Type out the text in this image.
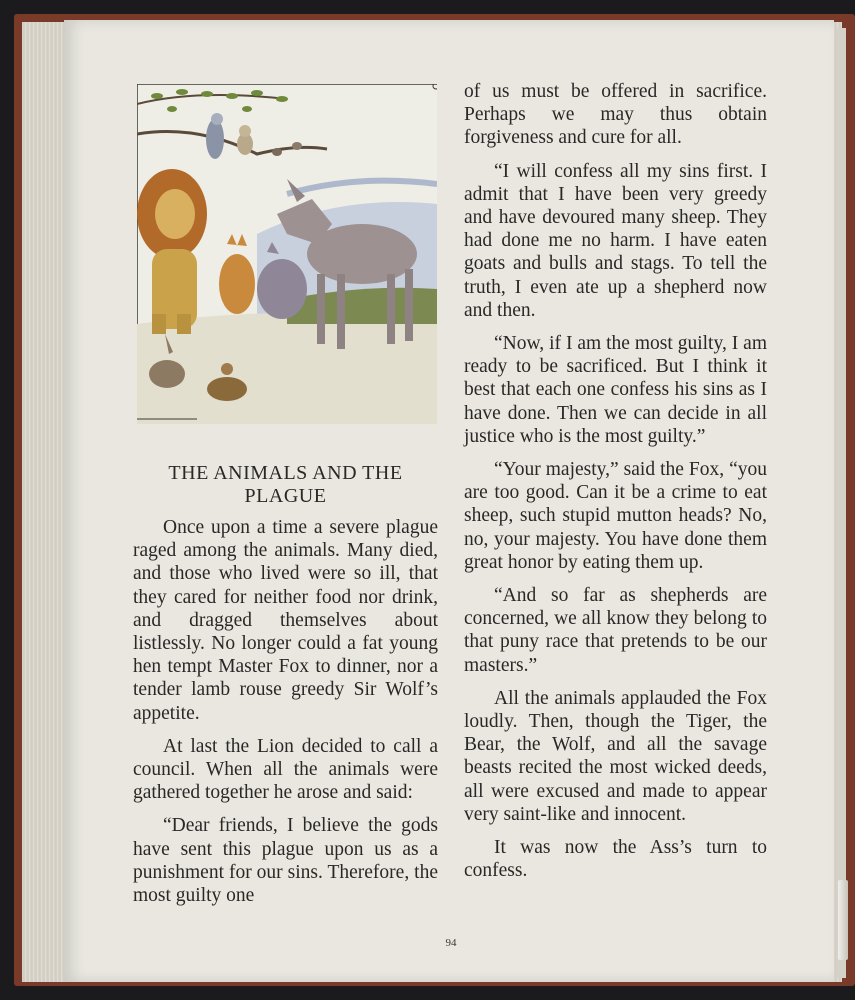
THE ANIMALS AND THE PLAGUE

Once upon a time a severe plague raged among the animals. Many died, and those who lived were so ill, that they cared for neither food nor drink, and dragged themselves about listlessly. No longer could a fat young hen tempt Master Fox to dinner, nor a tender lamb rouse greedy Sir Wolf’s appetite.

At last the Lion decided to call a council. When all the animals were gathered together he arose and said:

“Dear friends, I believe the gods have sent this plague upon us as a punishment for our sins. Therefore, the most guilty one

of us must be offered in sacrifice. Perhaps we may thus obtain forgiveness and cure for all.

“I will confess all my sins first. I admit that I have been very greedy and have devoured many sheep. They had done me no harm. I have eaten goats and bulls and stags. To tell the truth, I even ate up a shepherd now and then.

“Now, if I am the most guilty, I am ready to be sacrificed. But I think it best that each one confess his sins as I have done. Then we can decide in all justice who is the most guilty.”

“Your majesty,” said the Fox, “you are too good. Can it be a crime to eat sheep, such stupid mutton heads? No, no, your majesty. You have done them great honor by eating them up.

“And so far as shepherds are concerned, we all know they belong to that puny race that pretends to be our masters.”

All the animals applauded the Fox loudly. Then, though the Tiger, the Bear, the Wolf, and all the savage beasts recited the most wicked deeds, all were excused and made to appear very saint-like and innocent.

It was now the Ass’s turn to confess.

94
